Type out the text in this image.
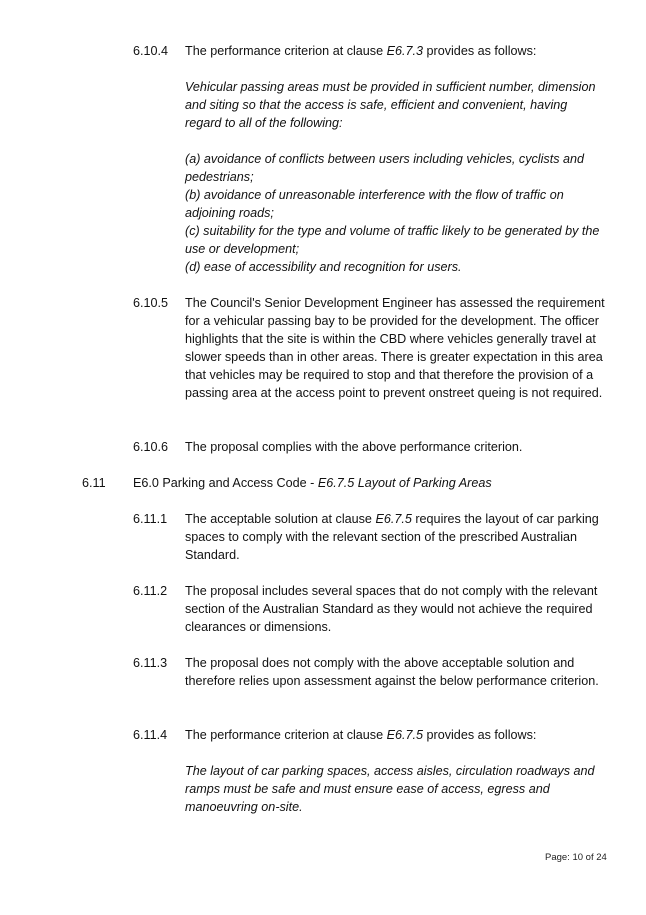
6.10.4 The performance criterion at clause E6.7.3 provides as follows:

Vehicular passing areas must be provided in sufficient number, dimension and siting so that the access is safe, efficient and convenient, having regard to all of the following:

(a) avoidance of conflicts between users including vehicles, cyclists and pedestrians;

(b) avoidance of unreasonable interference with the flow of traffic on adjoining roads;

(c) suitability for the type and volume of traffic likely to be generated by the use or development;

(d) ease of accessibility and recognition for users.

6.10.5 The Council's Senior Development Engineer has assessed the requirement for a vehicular passing bay to be provided for the development. The officer highlights that the site is within the CBD where vehicles generally travel at slower speeds than in other areas. There is greater expectation in this area that vehicles may be required to stop and that therefore the provision of a passing area at the access point to prevent onstreet queing is not required.
6.10.6 The proposal complies with the above performance criterion.
6.11 E6.0 Parking and Access Code - E6.7.5 Layout of Parking Areas
6.11.1 The acceptable solution at clause E6.7.5 requires the layout of car parking spaces to comply with the relevant section of the prescribed Australian Standard.
6.11.2 The proposal includes several spaces that do not comply with the relevant section of the Australian Standard as they would not achieve the required clearances or dimensions.
6.11.3 The proposal does not comply with the above acceptable solution and therefore relies upon assessment against the below performance criterion.
6.11.4 The performance criterion at clause E6.7.5 provides as follows:
The layout of car parking spaces, access aisles, circulation roadways and ramps must be safe and must ensure ease of access, egress and manoeuvring on-site.
Page: 10 of 24
